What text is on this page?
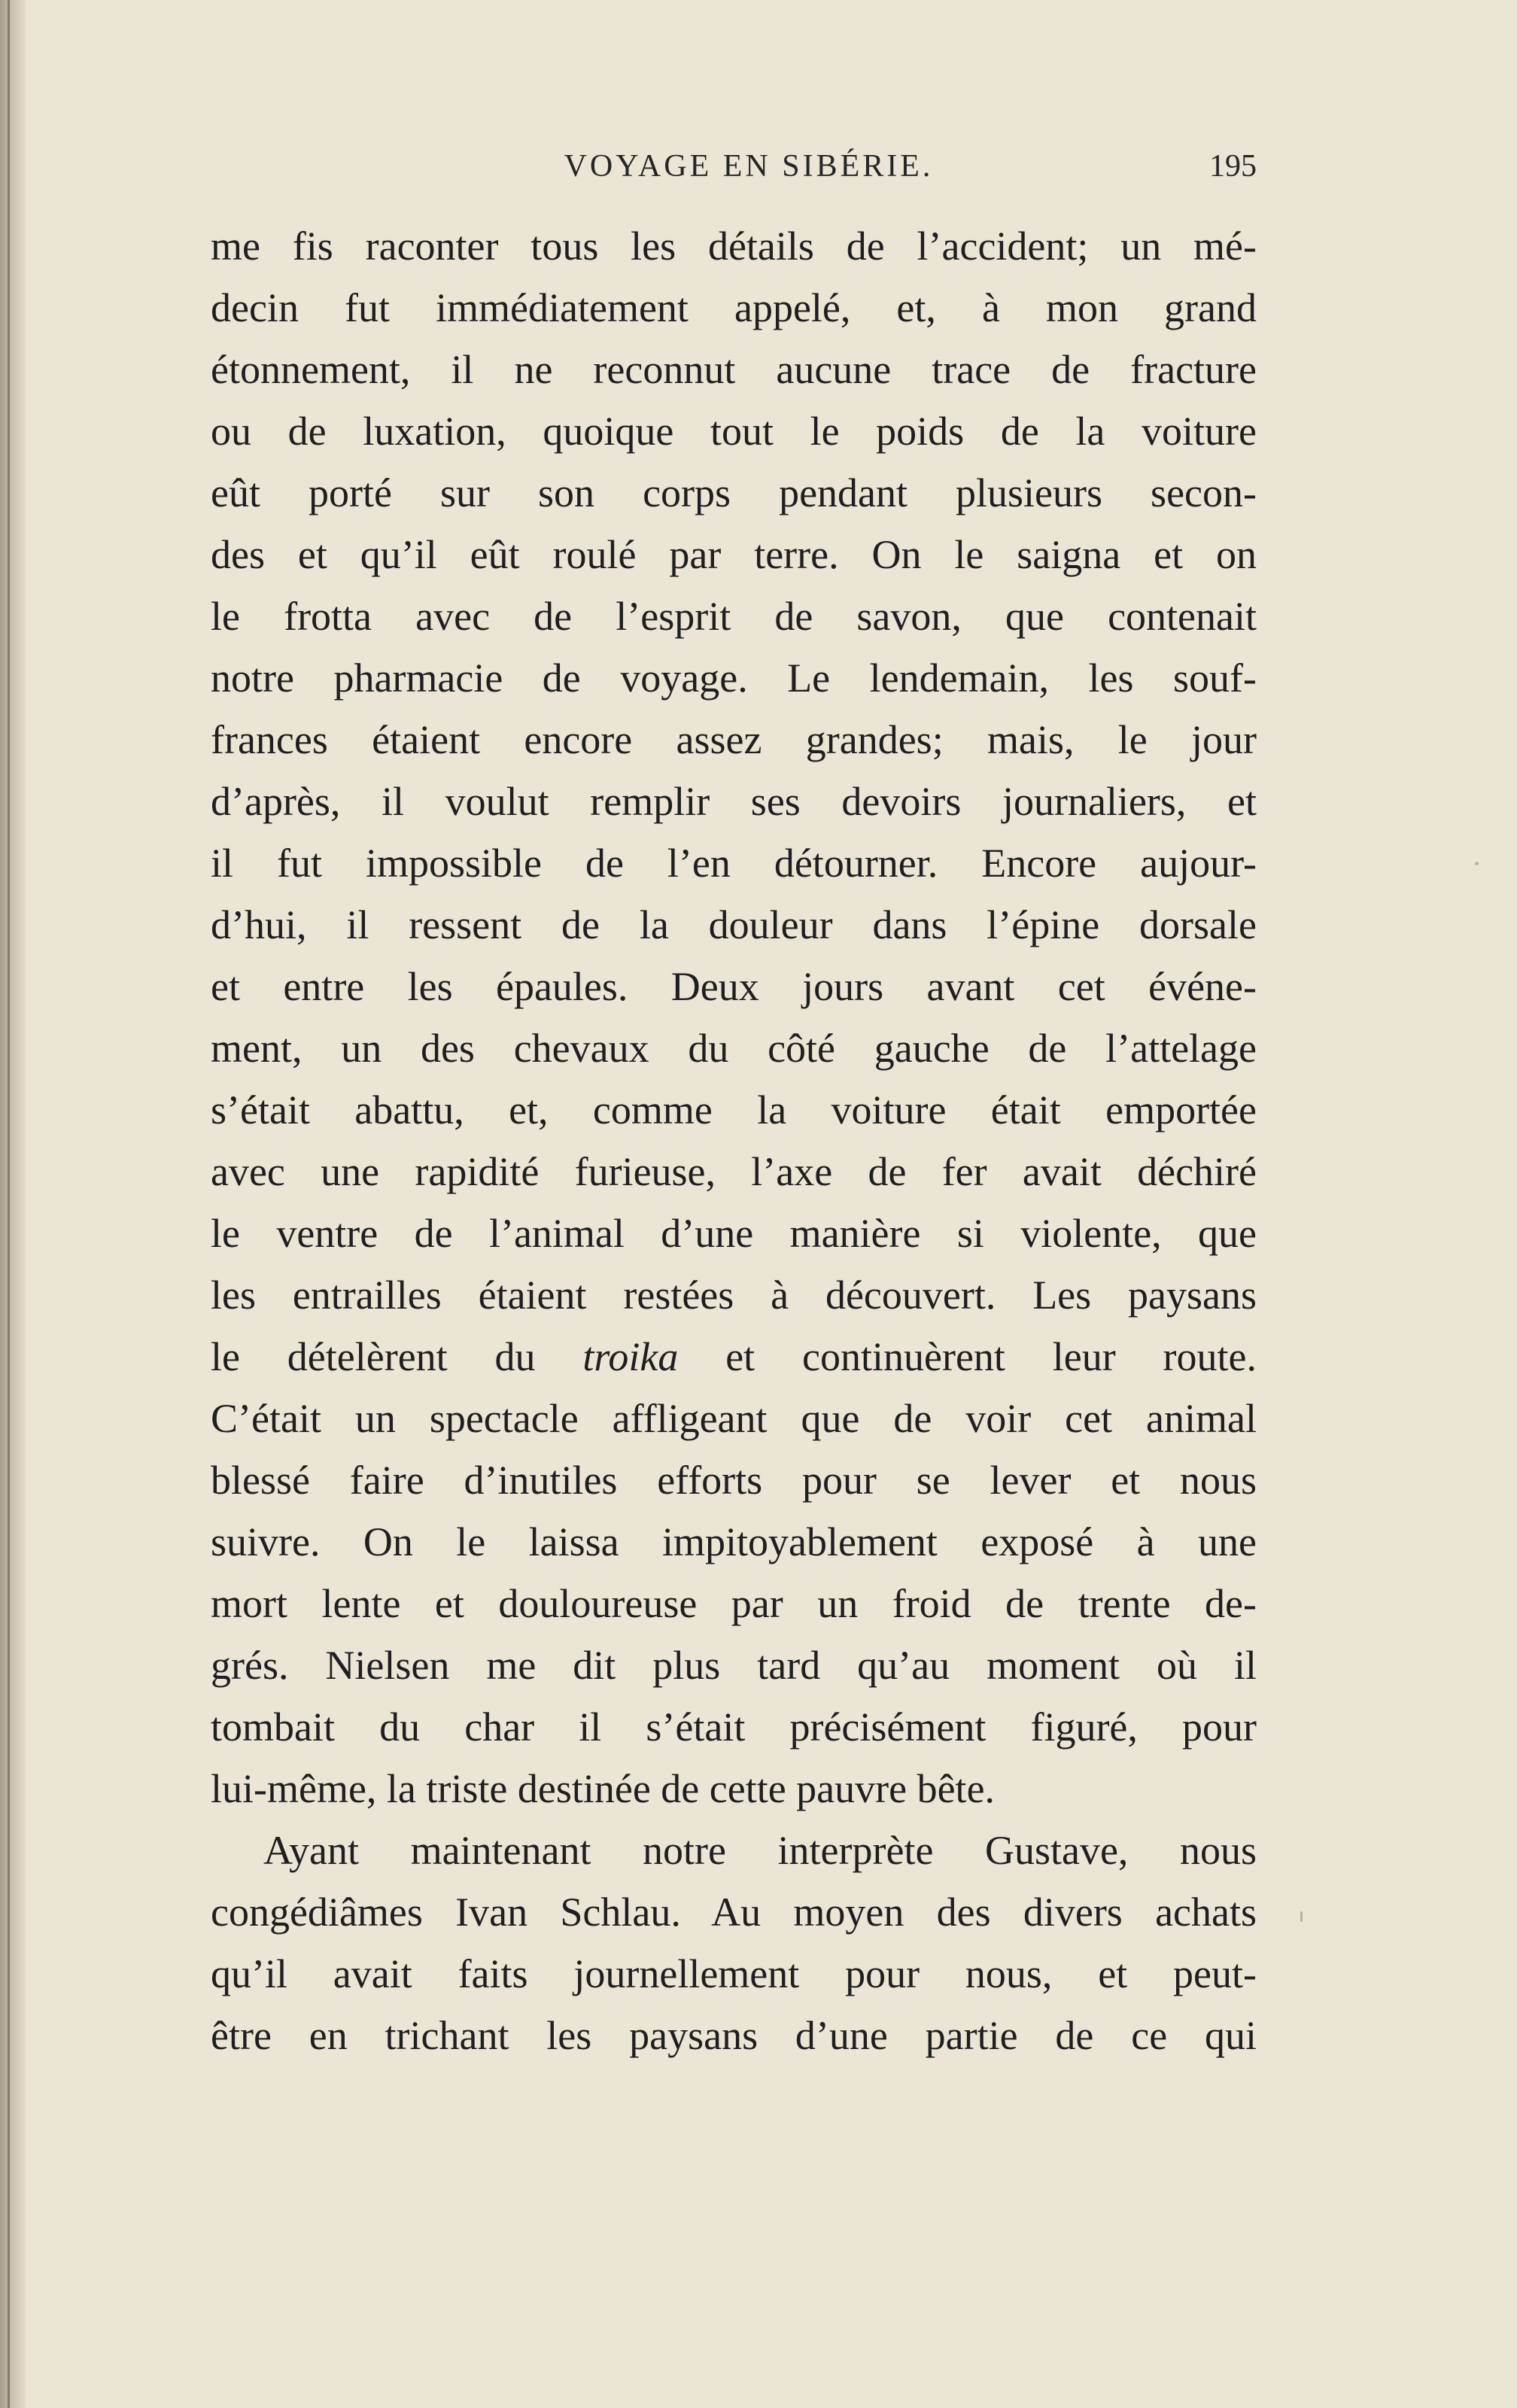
VOYAGE EN SIBÉRIE.	195
me fis raconter tous les détails de l’accident; un mé-
decin fut immédiatement appelé, et, à mon grand
étonnement, il ne reconnut aucune trace de fracture
ou de luxation, quoique tout le poids de la voiture
eût porté sur son corps pendant plusieurs secon-
des et qu’il eût roulé par terre. On le saigna et on
le frotta avec de l’esprit de savon, que contenait
notre pharmacie de voyage. Le lendemain, les souf-
frances étaient encore assez grandes; mais, le jour
d’après, il voulut remplir ses devoirs journaliers, et
il fut impossible de l’en détourner. Encore aujour-
d’hui, il ressent de la douleur dans l’épine dorsale
et entre les épaules. Deux jours avant cet événe-
ment, un des chevaux du côté gauche de l’attelage
s’était abattu, et, comme la voiture était emportée
avec une rapidité furieuse, l’axe de fer avait déchiré
le ventre de l’animal d’une manière si violente, que
les entrailles étaient restées à découvert. Les paysans
le dételèrent du troika et continuèrent leur route.
C’était un spectacle affligeant que de voir cet animal
blessé faire d’inutiles efforts pour se lever et nous
suivre. On le laissa impitoyablement exposé à une
mort lente et douloureuse par un froid de trente de-
grés. Nielsen me dit plus tard qu’au moment où il
tombait du char il s’était précisément figuré, pour
lui-même, la triste destinée de cette pauvre bête.
Ayant maintenant notre interprète Gustave, nous
congédiâmes Ivan Schlau. Au moyen des divers achats
qu’il avait faits journellement pour nous, et peut-
être en trichant les paysans d’une partie de ce qui
